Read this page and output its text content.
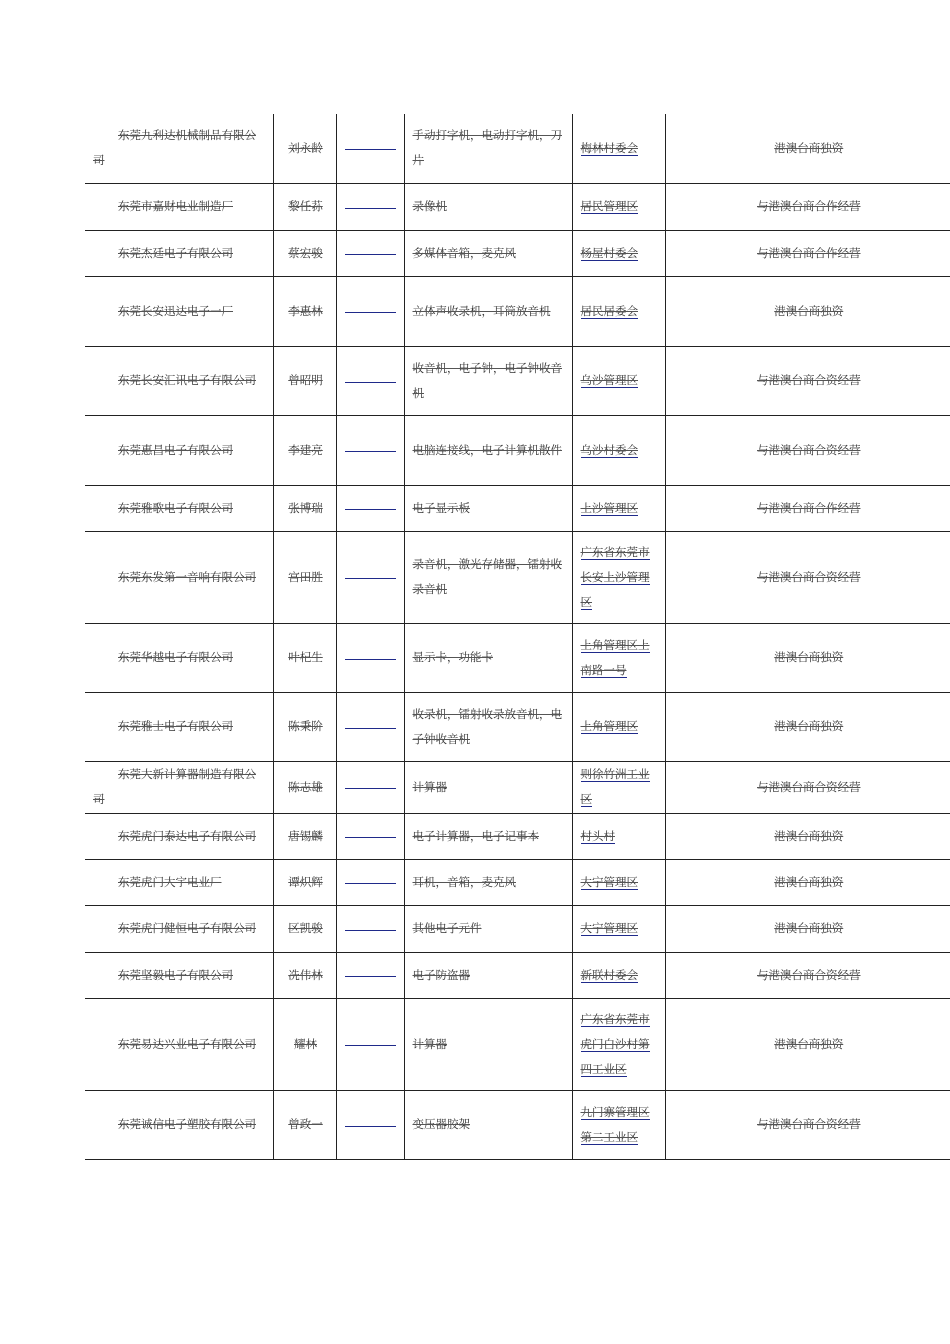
东莞九利达机械制品有限公司	刘永龄		手动打字机，电动打字机，刀片	梅林村委会	港澳台商独资
东莞市嘉财电业制造厂	黎任荪		录像机	居民管理区	与港澳台商合作经营
东莞杰廷电子有限公司	蔡宏骏		多媒体音箱，麦克风	杨屋村委会	与港澳台商合作经营
东莞长安迅达电子一厂	李惠林		立体声收录机，耳筒放音机	居民居委会	港澳台商独资
东莞长安汇讯电子有限公司	曾昭明		收音机，电子钟，电子钟收音机	乌沙管理区	与港澳台商合资经营
东莞惠昌电子有限公司	李建亮		电脑连接线，电子计算机散件	乌沙村委会	与港澳台商合资经营
东莞雅歌电子有限公司	张博瑞		电子显示板	上沙管理区	与港澳台商合作经营
东莞东发第一音响有限公司	宫田胜		录音机，激光存储器，镭射收录音机	广东省东莞市长安上沙管理区	与港澳台商合资经营
东莞华越电子有限公司	叶杞生		显示卡，功能卡	上角管理区上南路一号	港澳台商独资
东莞雅士电子有限公司	陈秉阶		收录机，镭射收录放音机，电子钟收音机	上角管理区	港澳台商独资
东莞大新计算器制造有限公司	陈志雄		计算器	则徐竹洲工业区	与港澳台商合资经营
东莞虎门泰达电子有限公司	唐锡麟		电子计算器，电子记事本	村头村	港澳台商独资
东莞虎门大宇电业厂	谭炽辉		耳机，音箱，麦克风	大宁管理区	港澳台商独资
东莞虎门健恒电子有限公司	区凯骏		其他电子元件	大宁管理区	港澳台商独资
东莞坚毅电子有限公司	冼伟林		电子防盗器	新联村委会	与港澳台商合资经营
东莞易达兴业电子有限公司	耀林		计算器	广东省东莞市虎门白沙村第四工业区	港澳台商独资
东莞诚信电子塑胶有限公司	曾政一		变压器胶架	九门寨管理区第二工业区	与港澳台商合资经营
